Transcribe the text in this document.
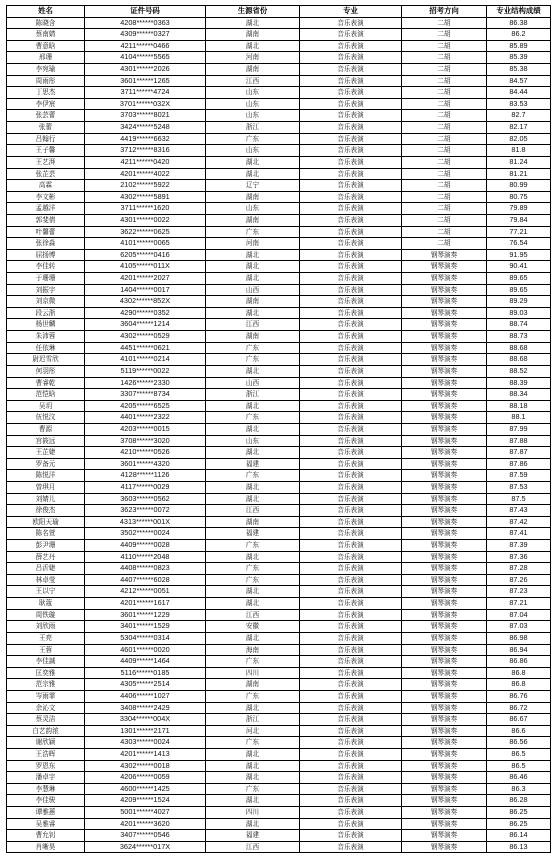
姓名	证件号码	生源省份	专业	招考方向	专业结构成绩
陈晓含	4208******0363	湖北	音乐表演	二胡	86.38
蔡南婧	4309******0327	湖南	音乐表演	二胡	86.2
曹意晗	4211******0466	湖北	音乐表演	二胡	85.89
邢珊	4104******5565	河南	音乐表演	二胡	85.39
李宛瑜	4301******2026	湖南	音乐表演	二胡	85.38
周雨彤	3601******1265	江西	音乐表演	二胡	84.57
丁思杰	3711******4724	山东	音乐表演	二胡	84.44
李伊宸	3701******032X	山东	音乐表演	二胡	83.53
张芸蕾	3703******8021	山东	音乐表演	二胡	82.7
张蕾	3424******5248	浙江	音乐表演	二胡	82.17
吕翰行	4419******6632	广东	音乐表演	二胡	82.05
王子馨	3712******8316	山东	音乐表演	二胡	81.8
王艺湃	4211******0420	湖北	音乐表演	二胡	81.24
张芷芸	4201******4022	湖北	音乐表演	二胡	81.21
高霖	2102******5922	辽宁	音乐表演	二胡	80.99
李文彬	4302******5891	湖南	音乐表演	二胡	80.75
孟越洋	3711******1620	山东	音乐表演	二胡	79.89
郭斐倩	4301******0022	湖南	音乐表演	二胡	79.84
叶馨蕾	3622******0625	广东	音乐表演	二胡	77.21
张徐淼	4101******0065	河南	音乐表演	二胡	76.54
屈扬博	6205******0416	湖北	音乐表演	钢琴演奏	91.95
李佳转	4105******011X	湖北	音乐表演	钢琴演奏	90.41
于珊珊	4201******2027	湖北	音乐表演	钢琴演奏	89.65
刘振宇	1404******0017	山西	音乐表演	钢琴演奏	89.65
刘京微	4302******852X	湖南	音乐表演	钢琴演奏	89.29
段云浙	4290******0352	湖北	音乐表演	钢琴演奏	89.03
杨世麟	3604******1214	江西	音乐表演	钢琴演奏	88.74
朱沛蓉	4302******0529	湖南	音乐表演	钢琴演奏	88.73
任依琳	4451******0621	广东	音乐表演	钢琴演奏	88.68
尉迟雪欣	4101******0214	广东	音乐表演	钢琴演奏	88.68
何羽彤	5119******0022	湖北	音乐表演	钢琴演奏	88.52
曹睿乾	1426******2330	山西	音乐表演	钢琴演奏	88.39
范恺晗	3307******8734	浙江	音乐表演	钢琴演奏	88.34
吴玥	4205******6525	湖北	音乐表演	钢琴演奏	88.18
伍悦汶	4401******2322	广东	音乐表演	钢琴演奏	88.1
曹源	4203******0015	湖北	音乐表演	钢琴演奏	87.99
宫筱远	3708******3020	山东	音乐表演	钢琴演奏	87.88
王芷婕	4210******0526	湖北	音乐表演	钢琴演奏	87.87
罗备元	3601******4320	福建	音乐表演	钢琴演奏	87.86
陈悦洋	4128******1126	广东	音乐表演	钢琴演奏	87.59
曾琪月	4117******0029	湖北	音乐表演	钢琴演奏	87.53
刘婧儿	3603******0562	湖北	音乐表演	钢琴演奏	87.5
徐俊杰	3623******0072	江西	音乐表演	钢琴演奏	87.43
欧阳天瑜	4313******001X	湖南	音乐表演	钢琴演奏	87.42
陈名萱	3502******0024	福建	音乐表演	钢琴演奏	87.41
彭尹珊	4409******0028	广东	音乐表演	钢琴演奏	87.39
薛艺丹	4110******2048	湖北	音乐表演	钢琴演奏	87.36
吕沂婕	4408******0823	广东	音乐表演	钢琴演奏	87.28
林卓莹	4407******6028	广东	音乐表演	钢琴演奏	87.26
王以宁	4212******0051	湖北	音乐表演	钢琴演奏	87.23
耿蔻	4201******1617	湖北	音乐表演	钢琴演奏	87.21
周铁璇	3601******1229	江西	音乐表演	钢琴演奏	87.04
刘欣雨	3401******1529	安徽	音乐表演	钢琴演奏	87.03
王亮	5304******0314	湖北	音乐表演	钢琴演奏	86.98
王蓉	4601******0020	海南	音乐表演	钢琴演奏	86.94
李佳諴	4409******1464	广东	音乐表演	钢琴演奏	86.86
匡奕雅	5116******0185	四川	音乐表演	钢琴演奏	86.8
范宗雅	4305******2514	湖南	音乐表演	钢琴演奏	86.8
岑雨霏	4406******1027	广东	音乐表演	钢琴演奏	86.76
余沁文	3408******2429	湖北	音乐表演	钢琴演奏	86.72
蔡灵洁	3304******004X	浙江	音乐表演	钢琴演奏	86.67
白艺韵浓	1301******2171	河北	音乐表演	钢琴演奏	86.6
谢欣颖	4303******0024	广东	音乐表演	钢琴演奏	86.56
王浩晖	4201******1413	湖北	音乐表演	钢琴演奏	86.5
罗恩东	4302******0018	湖北	音乐表演	钢琴演奏	86.5
潘卓宇	4206******0059	湖北	音乐表演	钢琴演奏	86.46
李慧琳	4600******1425	广东	音乐表演	钢琴演奏	86.3
李佳骏	4209******1524	湖北	音乐表演	钢琴演奏	86.28
谭雅蕙	5001******4027	四川	音乐表演	钢琴演奏	86.25
吴雅睿	4201******3620	湖北	音乐表演	钢琴演奏	86.25
曹允钊	3407******0546	福建	音乐表演	钢琴演奏	86.14
肖晰昊	3624******017X	江西	音乐表演	钢琴演奏	86.13
